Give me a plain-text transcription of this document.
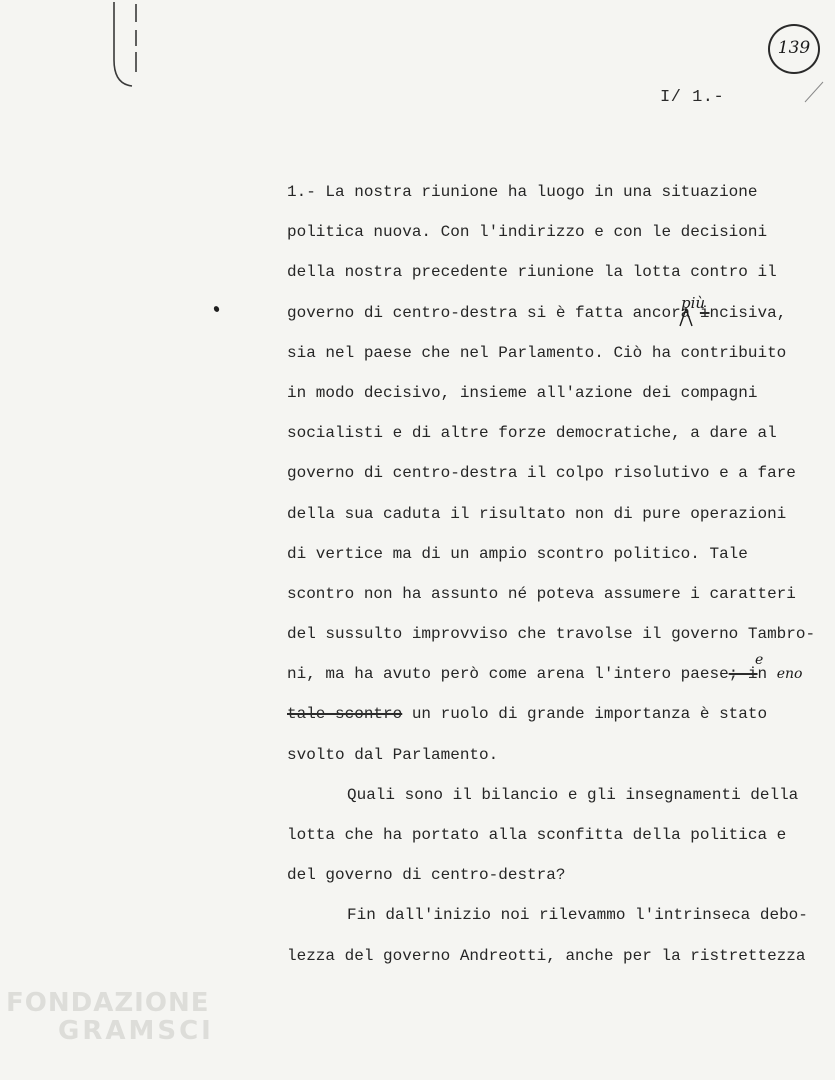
139
I/ 1.-
1.- La nostra riunione ha luogo in una situazione
politica nuova. Con l'indirizzo e con le decisioni
della nostra precedente riunione la lotta contro il
governo di centro-destra si è fatta ancora incisiva,
più
sia nel paese che nel Parlamento. Ciò ha contribuito
in modo decisivo, insieme all'azione dei compagni
socialisti e di altre forze democratiche, a dare al
governo di centro-destra il colpo risolutivo e a fare
della sua caduta il risultato non di pure operazioni
di vertice ma di un ampio scontro politico. Tale
scontro non ha assunto né poteva assumere i caratteri
del sussulto improvviso che travolse il governo Tambro-
ni, ma ha avuto però come arena l'intero paese; in eno
e
tale scontro un ruolo di grande importanza è stato
svolto dal Parlamento.
Quali sono il bilancio e gli insegnamenti della
lotta che ha portato alla sconfitta della politica e
del governo di centro-destra?
Fin dall'inizio noi rilevammo l'intrinseca debo-
lezza del governo Andreotti, anche per la ristrettezza
FONDAZIONE
GRAMSCI
